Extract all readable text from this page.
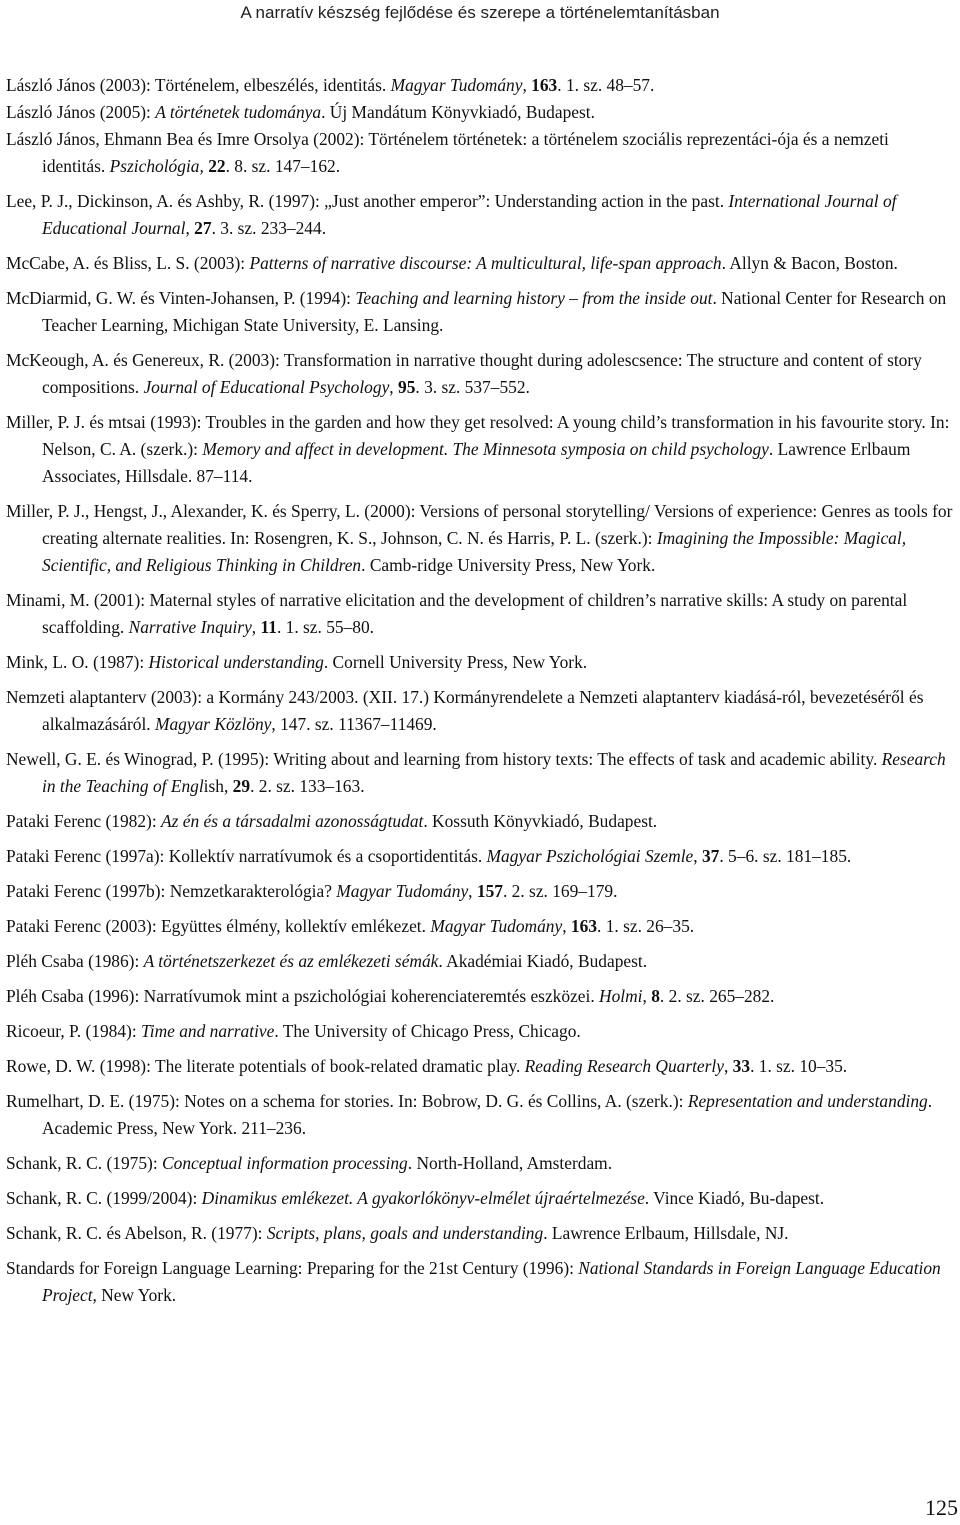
A narratív készség fejlődése és szerepe a történelemtanításban

László János (2003): Történelem, elbeszélés, identitás. Magyar Tudomány, 163. 1. sz. 48–57.

László János (2005): A történetek tudománya. Új Mandátum Könyvkiadó, Budapest.

László János, Ehmann Bea és Imre Orsolya (2002): Történelem történetek: a történelem szociális reprezentáci-ója és a nemzeti identitás. Pszichológia, 22. 8. sz. 147–162.

Lee, P. J., Dickinson, A. és Ashby, R. (1997): „Just another emperor”: Understanding action in the past. International Journal of Educational Journal, 27. 3. sz. 233–244.

McCabe, A. és Bliss, L. S. (2003): Patterns of narrative discourse: A multicultural, life-span approach. Allyn & Bacon, Boston.

McDiarmid, G. W. és Vinten-Johansen, P. (1994): Teaching and learning history – from the inside out. National Center for Research on Teacher Learning, Michigan State University, E. Lansing.

McKeough, A. és Genereux, R. (2003): Transformation in narrative thought during adolescsence: The structure and content of story compositions. Journal of Educational Psychology, 95. 3. sz. 537–552.

Miller, P. J. és mtsai (1993): Troubles in the garden and how they get resolved: A young child’s transformation in his favourite story. In: Nelson, C. A. (szerk.): Memory and affect in development. The Minnesota symposia on child psychology. Lawrence Erlbaum Associates, Hillsdale. 87–114.

Miller, P. J., Hengst, J., Alexander, K. és Sperry, L. (2000): Versions of personal storytelling/ Versions of experience: Genres as tools for creating alternate realities. In: Rosengren, K. S., Johnson, C. N. és Harris, P. L. (szerk.): Imagining the Impossible: Magical, Scientific, and Religious Thinking in Children. Camb-ridge University Press, New York.

Minami, M. (2001): Maternal styles of narrative elicitation and the development of children’s narrative skills: A study on parental scaffolding. Narrative Inquiry, 11. 1. sz. 55–80.

Mink, L. O. (1987): Historical understanding. Cornell University Press, New York.

Nemzeti alaptanterv (2003): a Kormány 243/2003. (XII. 17.) Kormányrendelete a Nemzeti alaptanterv kiadásá-ról, bevezetéséről és alkalmazásáról. Magyar Közlöny, 147. sz. 11367–11469.

Newell, G. E. és Winograd, P. (1995): Writing about and learning from history texts: The effects of task and academic ability. Research in the Teaching of English, 29. 2. sz. 133–163.

Pataki Ferenc (1982): Az én és a társadalmi azonosságtudat. Kossuth Könyvkiadó, Budapest.

Pataki Ferenc (1997a): Kollektív narratívumok és a csoportidentitás. Magyar Pszichológiai Szemle, 37. 5–6. sz. 181–185.

Pataki Ferenc (1997b): Nemzetkarakterológia? Magyar Tudomány, 157. 2. sz. 169–179.

Pataki Ferenc (2003): Együttes élmény, kollektív emlékezet. Magyar Tudomány, 163. 1. sz. 26–35.

Pléh Csaba (1986): A történetszerkezet és az emlékezeti sémák. Akadémiai Kiadó, Budapest.

Pléh Csaba (1996): Narratívumok mint a pszichológiai koherenciateremtés eszközei. Holmi, 8. 2. sz. 265–282.

Ricoeur, P. (1984): Time and narrative. The University of Chicago Press, Chicago.

Rowe, D. W. (1998): The literate potentials of book-related dramatic play. Reading Research Quarterly, 33. 1. sz. 10–35.

Rumelhart, D. E. (1975): Notes on a schema for stories. In: Bobrow, D. G. és Collins, A. (szerk.): Representation and understanding. Academic Press, New York. 211–236.

Schank, R. C. (1975): Conceptual information processing. North-Holland, Amsterdam.

Schank, R. C. (1999/2004): Dinamikus emlékezet. A gyakorlókönyv-elmélet újraértelmezése. Vince Kiadó, Bu-dapest.

Schank, R. C. és Abelson, R. (1977): Scripts, plans, goals and understanding. Lawrence Erlbaum, Hillsdale, NJ.

Standards for Foreign Language Learning: Preparing for the 21st Century (1996): National Standards in Foreign Language Education Project, New York.

125
